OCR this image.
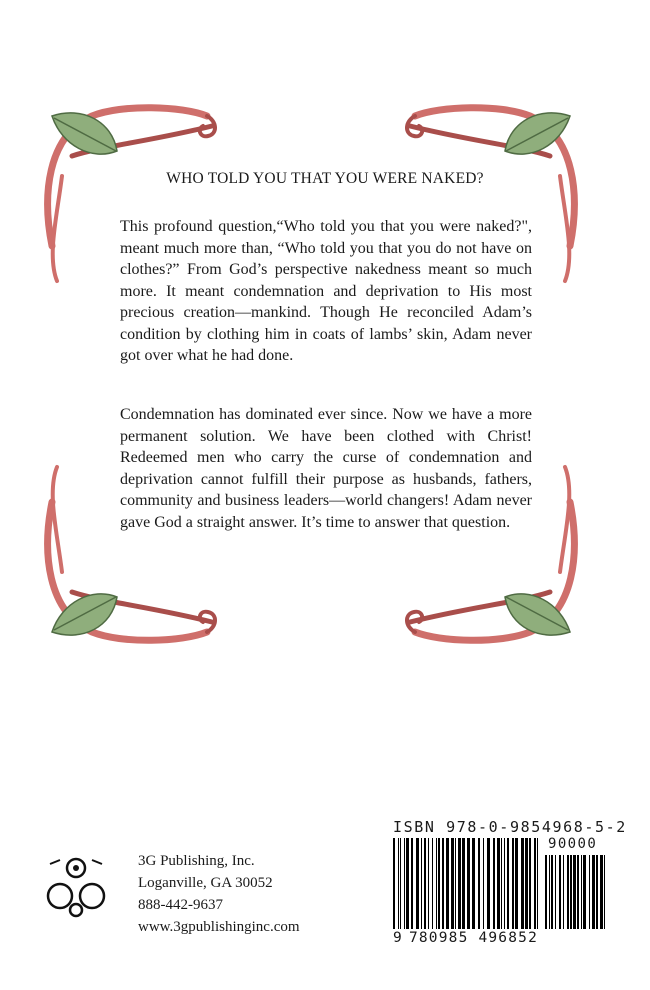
WHO TOLD YOU THAT YOU WERE NAKED?

This profound question,“Who told you that you were naked?", meant much more than, “Who told you that you do not have on clothes?” From God’s perspective nakedness meant so much more. It meant condemnation and deprivation to His most precious creation—mankind. Though He reconciled Adam’s condition by clothing him in coats of lambs’ skin, Adam never got over what he had done.

Condemnation has dominated ever since. Now we have a more permanent solution. We have been clothed with Christ! Redeemed men who carry the curse of condemnation and deprivation cannot fulfill their purpose as husbands, fathers, community and business leaders—world changers! Adam never gave God a straight answer. It’s time to answer that question.

3G Publishing, Inc.
Loganville, GA 30052
888-442-9637
www.3gpublishinginc.com
ISBN 978-0-9854968-5-2
90000
9 780985 496852
